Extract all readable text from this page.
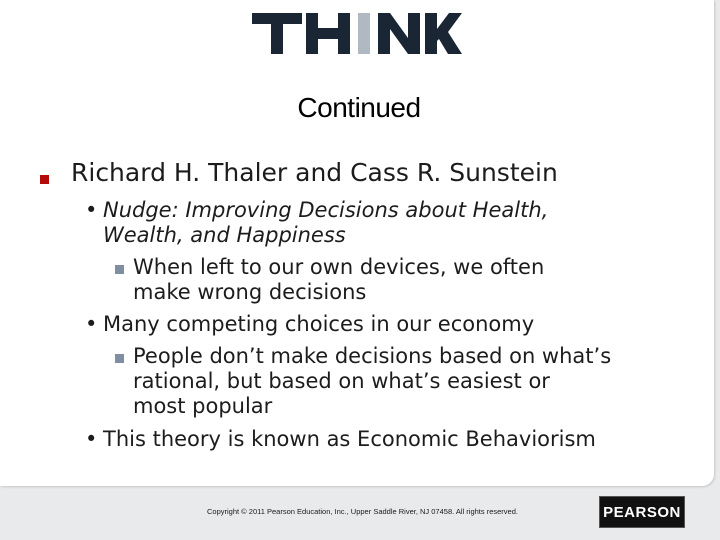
Continued
Richard H. Thaler and Cass R. Sunstein
• Nudge: Improving Decisions about Health,
Wealth, and Happiness
When left to our own devices, we often
make wrong decisions
• Many competing choices in our economy
People don’t make decisions based on what’s
rational, but based on what’s easiest or
most popular
• This theory is known as Economic Behaviorism
Copyright © 2011 Pearson Education, Inc., Upper Saddle River, NJ 07458. All rights reserved.	PEARSON
